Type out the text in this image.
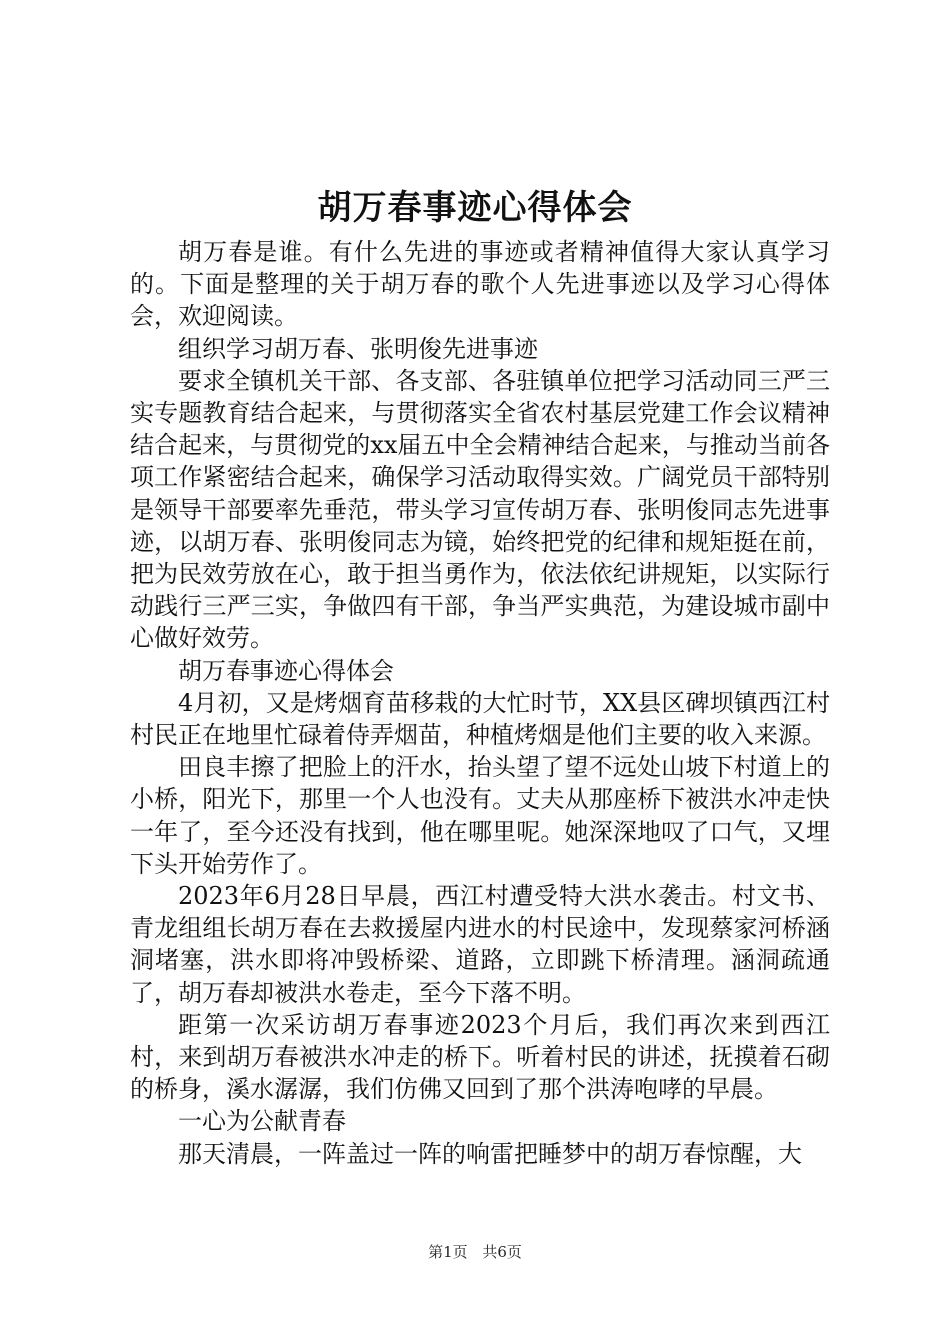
胡万春事迹心得体会

胡万春是谁。有什么先进的事迹或者精神值得大家认真学习的。下面是整理的关于胡万春的歌个人先进事迹以及学习心得体会，欢迎阅读。

组织学习胡万春、张明俊先进事迹

要求全镇机关干部、各支部、各驻镇单位把学习活动同三严三实专题教育结合起来，与贯彻落实全省农村基层党建工作会议精神结合起来，与贯彻党的xx届五中全会精神结合起来，与推动当前各项工作紧密结合起来，确保学习活动取得实效。广阔党员干部特别是领导干部要率先垂范，带头学习宣传胡万春、张明俊同志先进事迹，以胡万春、张明俊同志为镜，始终把党的纪律和规矩挺在前，把为民效劳放在心，敢于担当勇作为，依法依纪讲规矩，以实际行动践行三严三实，争做四有干部，争当严实典范，为建设城市副中心做好效劳。

胡万春事迹心得体会

4月初，又是烤烟育苗移栽的大忙时节，XX县区碑坝镇西江村村民正在地里忙碌着侍弄烟苗，种植烤烟是他们主要的收入来源。

田良丰擦了把脸上的汗水，抬头望了望不远处山坡下村道上的小桥，阳光下，那里一个人也没有。丈夫从那座桥下被洪水冲走快一年了，至今还没有找到，他在哪里呢。她深深地叹了口气，又埋下头开始劳作了。

2023年6月28日早晨，西江村遭受特大洪水袭击。村文书、青龙组组长胡万春在去救援屋内进水的村民途中，发现蔡家河桥涵洞堵塞，洪水即将冲毁桥梁、道路，立即跳下桥清理。涵洞疏通了，胡万春却被洪水卷走，至今下落不明。

距第一次采访胡万春事迹2023个月后，我们再次来到西江村，来到胡万春被洪水冲走的桥下。听着村民的讲述，抚摸着石砌的桥身，溪水潺潺，我们仿佛又回到了那个洪涛咆哮的早晨。

一心为公献青春

那天清晨，一阵盖过一阵的响雷把睡梦中的胡万春惊醒，大

第1页 共6页
